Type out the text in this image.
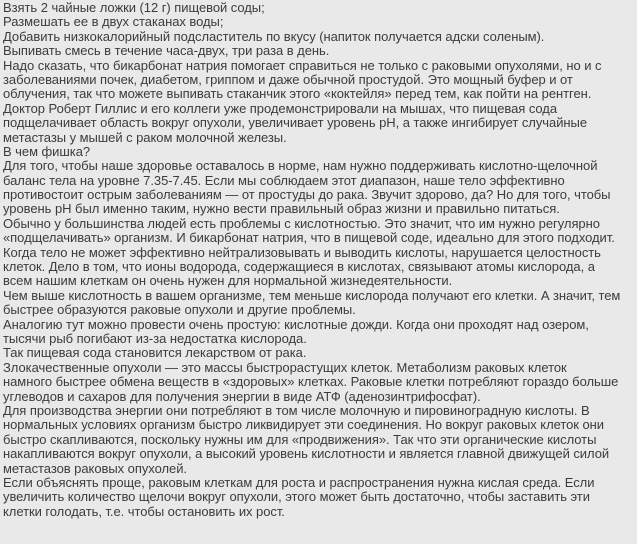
Взять 2 чайные ложки (12 г) пищевой соды;
Размешать ее в двух стаканах воды;
Добавить низкокалорийный подсластитель по вкусу (напиток получается адски соленым).
Выпивать смесь в течение часа-двух, три раза в день.
Надо сказать, что бикарбонат натрия помогает справиться не только с раковыми опухолями, но и с
заболеваниями почек, диабетом, гриппом и даже обычной простудой. Это мощный буфер и от
облучения, так что можете выпивать стаканчик этого «коктейля» перед тем, как пойти на рентген.
Доктор Роберт Гиллис и его коллеги уже продемонстрировали на мышах, что пищевая сода
подщелачивает область вокруг опухоли, увеличивает уровень pH, а также ингибирует случайные
метастазы у мышей с раком молочной железы.
В чем фишка?
Для того, чтобы наше здоровье оставалось в норме, нам нужно поддерживать кислотно-щелочной
баланс тела на уровне 7.35-7.45. Если мы соблюдаем этот диапазон, наше тело эффективно
противостоит острым заболеваниям — от простуды до рака. Звучит здорово, да? Но для того, чтобы
уровень pH был именно таким, нужно вести правильный образ жизни и правильно питаться.
Обычно у большинства людей есть проблемы с кислотностью. Это значит, что им нужно регулярно
«подщелачивать» организм. И бикарбонат натрия, что в пищевой соде, идеально для этого подходит.
Когда тело не может эффективно нейтрализовывать и выводить кислоты, нарушается целостность
клеток. Дело в том, что ионы водорода, содержащиеся в кислотах, связывают атомы кислорода, а
всем нашим клеткам он очень нужен для нормальной жизнедеятельности.
Чем выше кислотность в вашем организме, тем меньше кислорода получают его клетки. А значит, тем
быстрее образуются раковые опухоли и другие проблемы.
Аналогию тут можно провести очень простую: кислотные дожди. Когда они проходят над озером,
тысячи рыб погибают из-за недостатка кислорода.
Так пищевая сода становится лекарством от рака.
Злокачественные опухоли — это массы быстрорастущих клеток. Метаболизм раковых клеток
намного быстрее обмена веществ в «здоровых» клетках. Раковые клетки потребляют гораздо больше
углеводов и сахаров для получения энергии в виде АТФ (аденозинтрифосфат).
Для производства энергии они потребляют в том числе молочную и пировиноградную кислоты. В
нормальных условиях организм быстро ликвидирует эти соединения. Но вокруг раковых клеток они
быстро скапливаются, поскольку нужны им для «продвижения». Так что эти органические кислоты
накапливаются вокруг опухоли, а высокий уровень кислотности и является главной движущей силой
метастазов раковых опухолей.
Если объяснять проще, раковым клеткам для роста и распространения нужна кислая среда. Если
увеличить количество щелочи вокруг опухоли, этого может быть достаточно, чтобы заставить эти
клетки голодать, т.е. чтобы остановить их рост.
